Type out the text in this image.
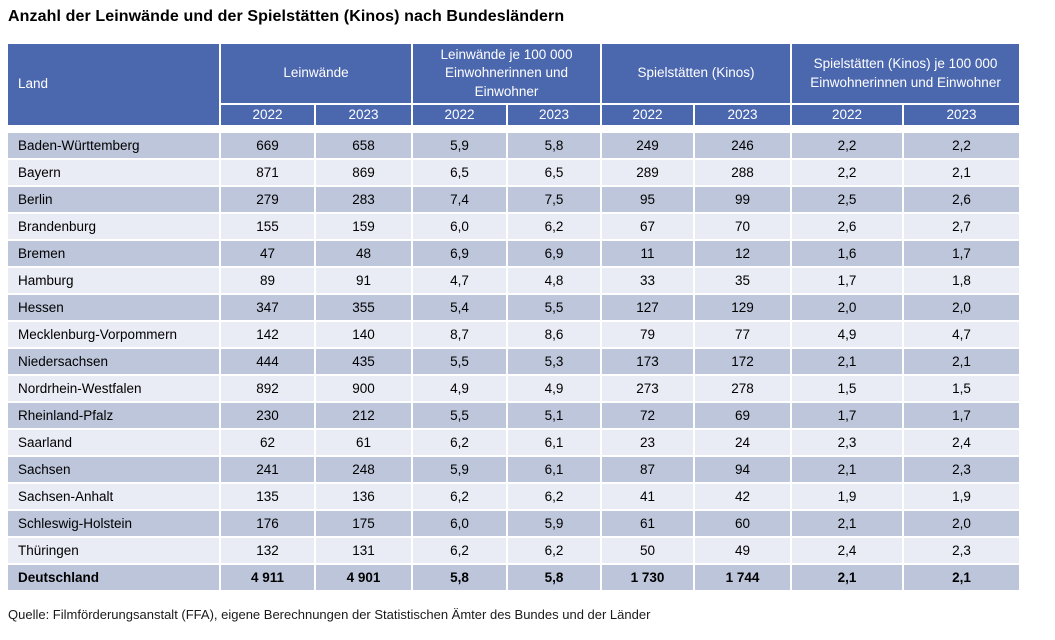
Anzahl der Leinwände und der Spielstätten (Kinos) nach Bundesländern
Land	Leinwände		Leinwände je 100 000 Einwohnerinnen und Einwohner		Spielstätten (Kinos)		Spielstätten (Kinos) je 100 000 Einwohnerinnen und Einwohner	
	2022	2023	2022	2023	2022	2023	2022	2023
Baden-Württemberg	669	658	5,9	5,8	249	246	2,2	2,2
Bayern	871	869	6,5	6,5	289	288	2,2	2,1
Berlin	279	283	7,4	7,5	95	99	2,5	2,6
Brandenburg	155	159	6,0	6,2	67	70	2,6	2,7
Bremen	47	48	6,9	6,9	11	12	1,6	1,7
Hamburg	89	91	4,7	4,8	33	35	1,7	1,8
Hessen	347	355	5,4	5,5	127	129	2,0	2,0
Mecklenburg-Vorpommern	142	140	8,7	8,6	79	77	4,9	4,7
Niedersachsen	444	435	5,5	5,3	173	172	2,1	2,1
Nordrhein-Westfalen	892	900	4,9	4,9	273	278	1,5	1,5
Rheinland-Pfalz	230	212	5,5	5,1	72	69	1,7	1,7
Saarland	62	61	6,2	6,1	23	24	2,3	2,4
Sachsen	241	248	5,9	6,1	87	94	2,1	2,3
Sachsen-Anhalt	135	136	6,2	6,2	41	42	1,9	1,9
Schleswig-Holstein	176	175	6,0	5,9	61	60	2,1	2,0
Thüringen	132	131	6,2	6,2	50	49	2,4	2,3
Deutschland	4 911	4 901	5,8	5,8	1 730	1 744	2,1	2,1
Quelle: Filmförderungsanstalt (FFA), eigene Berechnungen der Statistischen Ämter des Bundes und der Länder
